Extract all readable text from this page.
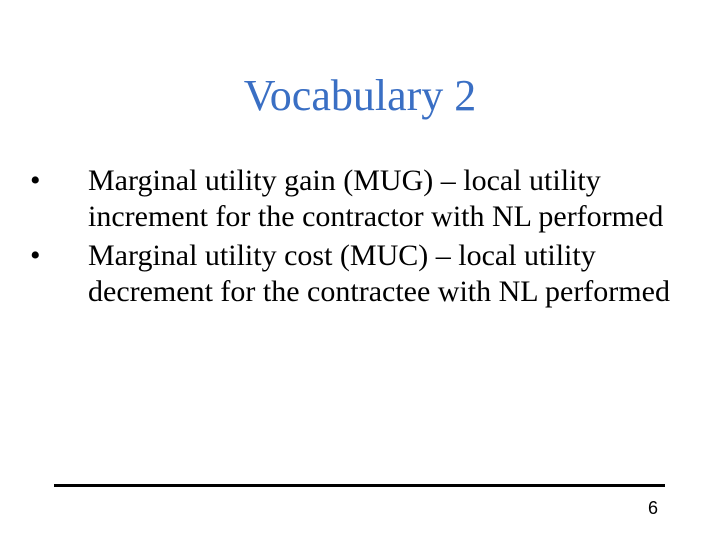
Vocabulary 2
•	Marginal utility gain (MUG) – local utility increment for the contractor with NL performed
•	Marginal utility cost (MUC) – local utility decrement for the contractee with NL performed
6
